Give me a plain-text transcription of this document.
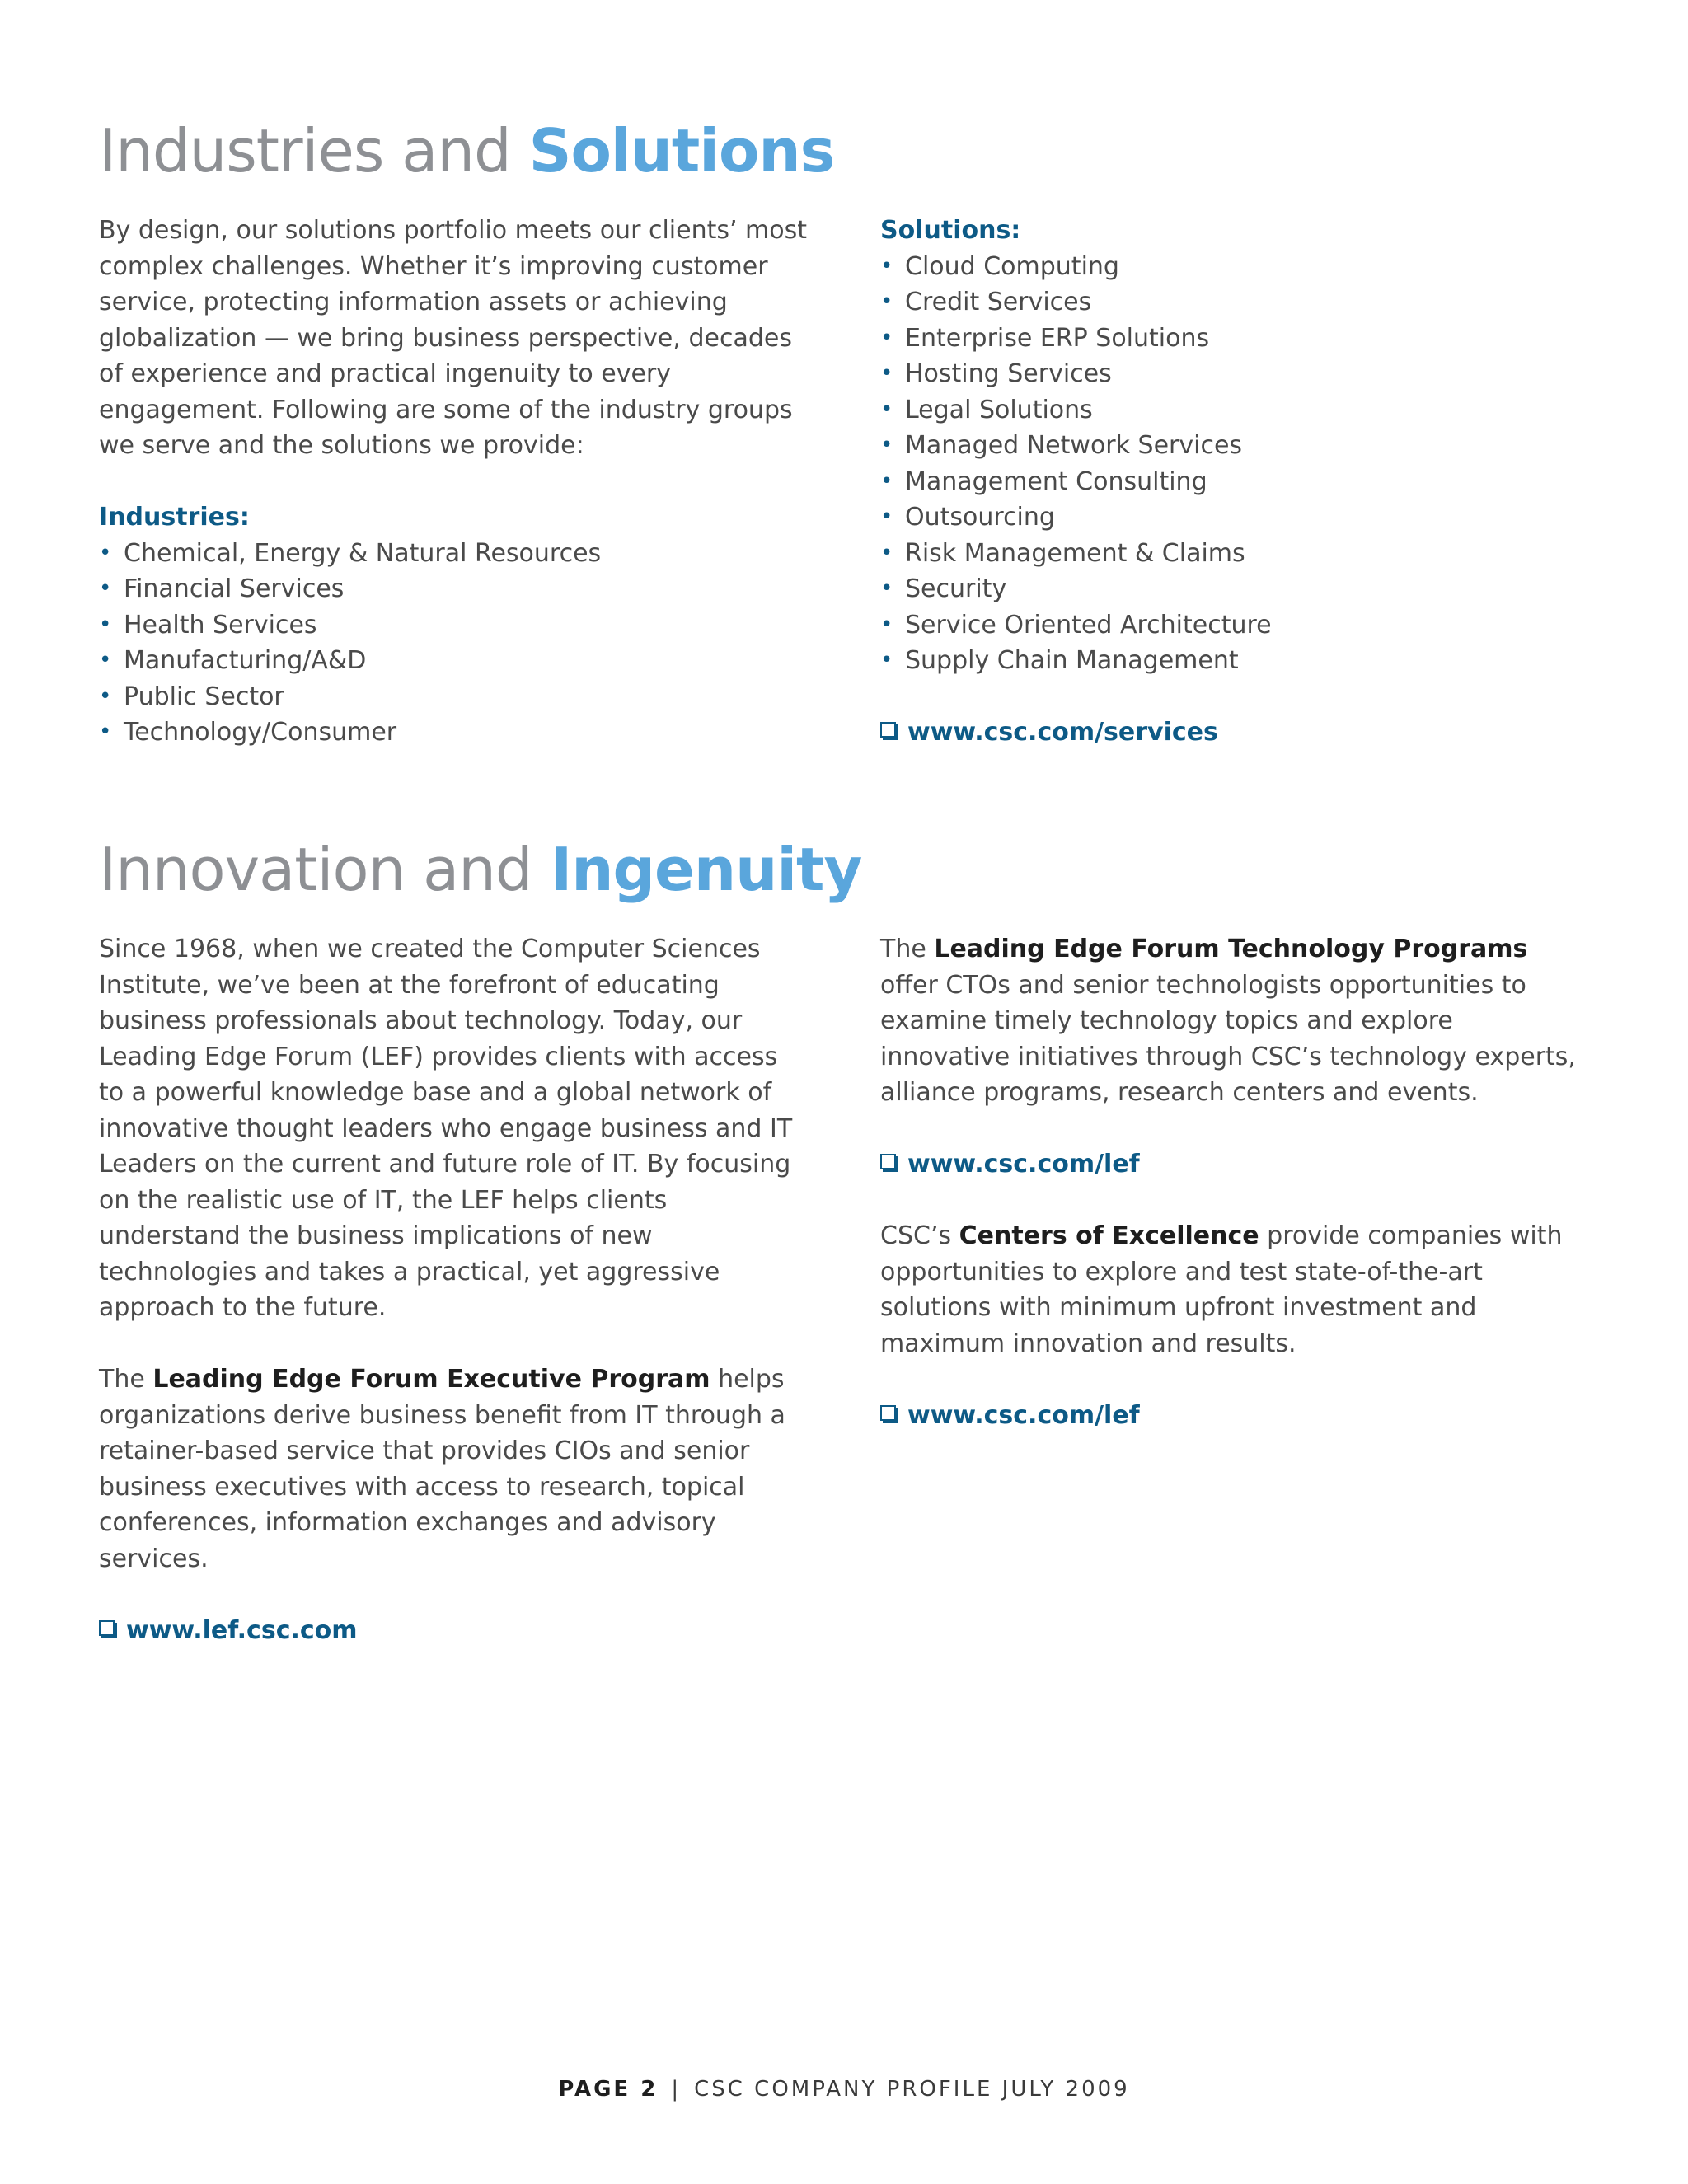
Industries and Solutions

By design, our solutions portfolio meets our clients’ most complex challenges. Whether it’s improving customer service, protecting information assets or achieving globalization — we bring business perspective, decades of experience and practical ingenuity to every engagement. Following are some of the industry groups we serve and the solutions we provide:

Industries:

• Chemical, Energy & Natural Resources
• Financial Services
• Health Services
• Manufacturing/A&D
• Public Sector
• Technology/Consumer

Solutions:

• Cloud Computing
• Credit Services
• Enterprise ERP Solutions
• Hosting Services
• Legal Solutions
• Managed Network Services
• Management Consulting
• Outsourcing
• Risk Management & Claims
• Security
• Service Oriented Architecture
• Supply Chain Management

www.csc.com/services

Innovation and Ingenuity

Since 1968, when we created the Computer Sciences Institute, we’ve been at the forefront of educating business professionals about technology. Today, our Leading Edge Forum (LEF) provides clients with access to a powerful knowledge base and a global network of innovative thought leaders who engage business and IT Leaders on the current and future role of IT. By focusing on the realistic use of IT, the LEF helps clients understand the business implications of new technologies and takes a practical, yet aggressive approach to the future.

The Leading Edge Forum Executive Program helps organizations derive business benefit from IT through a retainer-based service that provides CIOs and senior business executives with access to research, topical conferences, information exchanges and advisory services.

www.lef.csc.com

The Leading Edge Forum Technology Programs offer CTOs and senior technologists opportunities to examine timely technology topics and explore innovative initiatives through CSC’s technology experts, alliance programs, research centers and events.

www.csc.com/lef

CSC’s Centers of Excellence provide companies with opportunities to explore and test state-of-the-art solutions with minimum upfront investment and maximum innovation and results.

www.csc.com/lef

PAGE 2 | CSC COMPANY PROFILE JULY 2009
